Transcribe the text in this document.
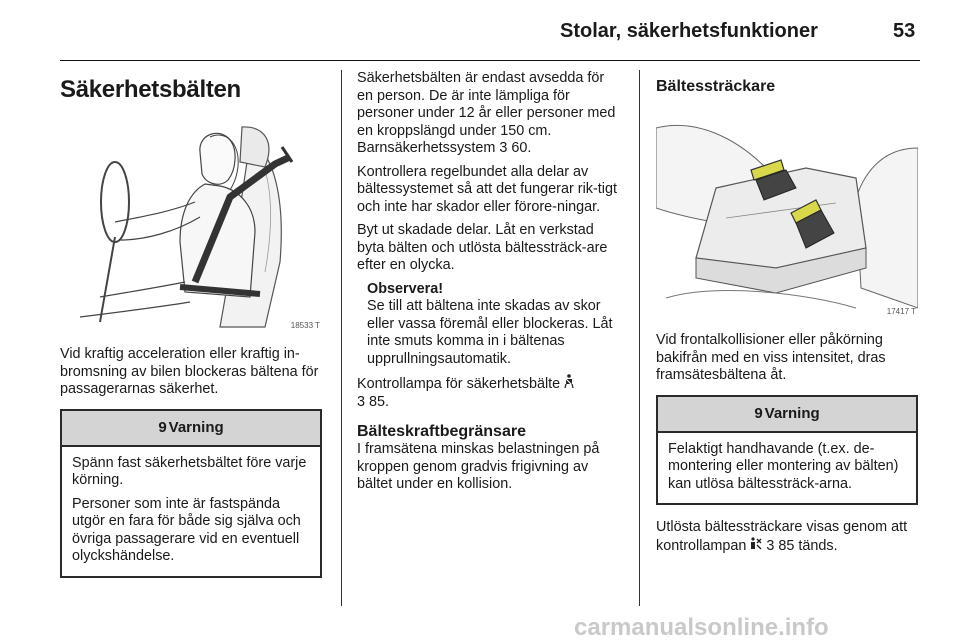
Stolar, säkerhetsfunktioner	53
Säkerhetsbälten
18533 T

Vid kraftig acceleration eller kraftig in-bromsning av bilen blockeras bältena för passagerarnas säkerhet.

9 Varning

Spänn fast säkerhetsbältet före varje körning.

Personer som inte är fastspända utgör en fara för både sig själva och övriga passagerare vid en eventuell olyckshändelse.

Säkerhetsbälten är endast avsedda för en person. De är inte lämpliga för personer under 12 år eller personer med en kroppslängd under 150 cm. Barnsäkerhetssystem 3 60.

Kontrollera regelbundet alla delar av bältessystemet så att det fungerar rik-tigt och inte har skador eller förore-ningar.

Byt ut skadade delar. Låt en verkstad byta bälten och utlösta bältessträck-are efter en olycka.

Observera!

Se till att bältena inte skadas av skor eller vassa föremål eller blockeras. Låt inte smuts komma in i bältenas upprullningsautomatik.

Kontrollampa för säkerhetsbälte
3 85.

Bälteskraftbegränsare

I framsätena minskas belastningen på kroppen genom gradvis frigivning av bältet under en kollision.

Bältessträckare
17417 T

Vid frontalkollisioner eller påkörning bakifrån med en viss intensitet, dras framsätesbältena åt.

9 Varning

Felaktigt handhavande (t.ex. de-montering eller montering av bälten) kan utlösa bältessträck-arna.

Utlösta bältessträckare visas genom att kontrollampan 3 85 tänds.

carmanualsonline.info
